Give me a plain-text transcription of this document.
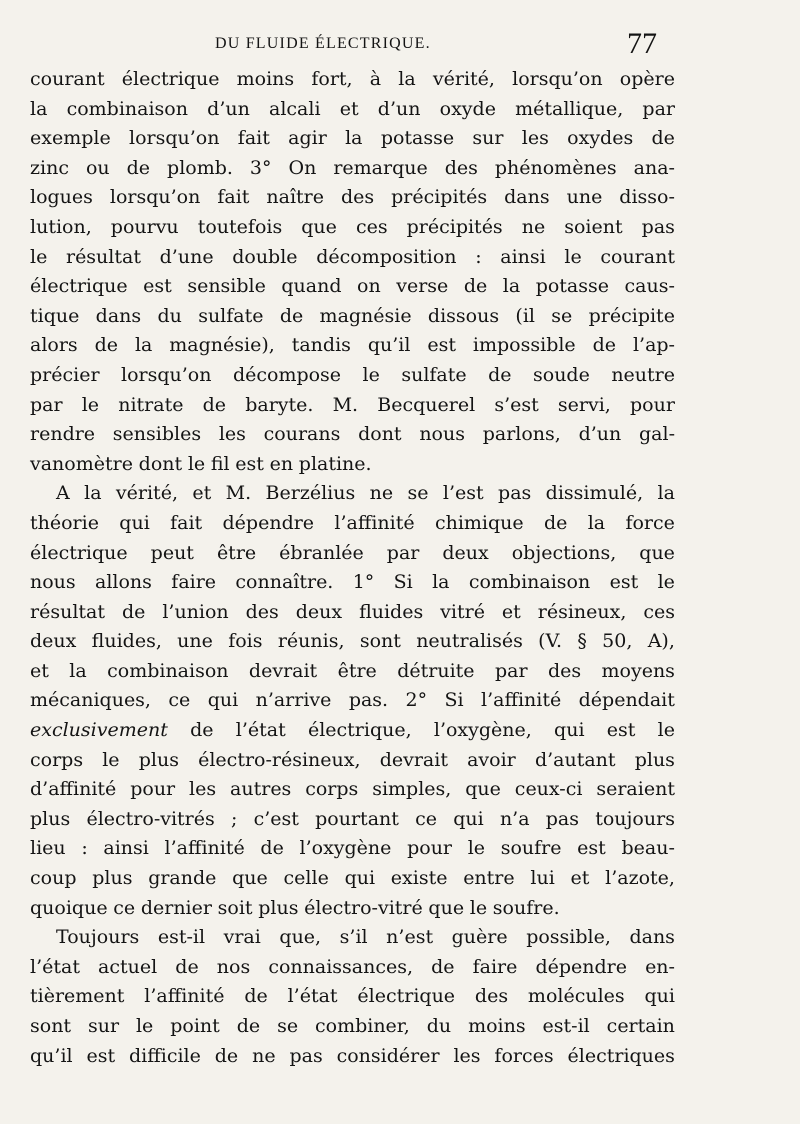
DU FLUIDE ÉLECTRIQUE.	77
courant électrique moins fort, à la vérité, lorsqu’on opère
la combinaison d’un alcali et d’un oxyde métallique, par
exemple lorsqu’on fait agir la potasse sur les oxydes de
zinc ou de plomb. 3° On remarque des phénomènes ana-
logues lorsqu’on fait naître des précipités dans une disso-
lution, pourvu toutefois que ces précipités ne soient pas
le résultat d’une double décomposition : ainsi le courant
électrique est sensible quand on verse de la potasse caus-
tique dans du sulfate de magnésie dissous (il se précipite
alors de la magnésie), tandis qu’il est impossible de l’ap-
précier lorsqu’on décompose le sulfate de soude neutre
par le nitrate de baryte. M. Becquerel s’est servi, pour
rendre sensibles les courans dont nous parlons, d’un gal-
vanomètre dont le fil est en platine.
A la vérité, et M. Berzélius ne se l’est pas dissimulé, la
théorie qui fait dépendre l’affinité chimique de la force
électrique peut être ébranlée par deux objections, que
nous allons faire connaître. 1° Si la combinaison est le
résultat de l’union des deux fluides vitré et résineux, ces
deux fluides, une fois réunis, sont neutralisés (V. § 50, A),
et la combinaison devrait être détruite par des moyens
mécaniques, ce qui n’arrive pas. 2° Si l’affinité dépendait
exclusivement de l’état électrique, l’oxygène, qui est le
corps le plus électro-résineux, devrait avoir d’autant plus
d’affinité pour les autres corps simples, que ceux-ci seraient
plus électro-vitrés ; c’est pourtant ce qui n’a pas toujours
lieu : ainsi l’affinité de l’oxygène pour le soufre est beau-
coup plus grande que celle qui existe entre lui et l’azote,
quoique ce dernier soit plus électro-vitré que le soufre.
Toujours est-il vrai que, s’il n’est guère possible, dans
l’état actuel de nos connaissances, de faire dépendre en-
tièrement l’affinité de l’état électrique des molécules qui
sont sur le point de se combiner, du moins est-il certain
qu’il est difficile de ne pas considérer les forces électriques
